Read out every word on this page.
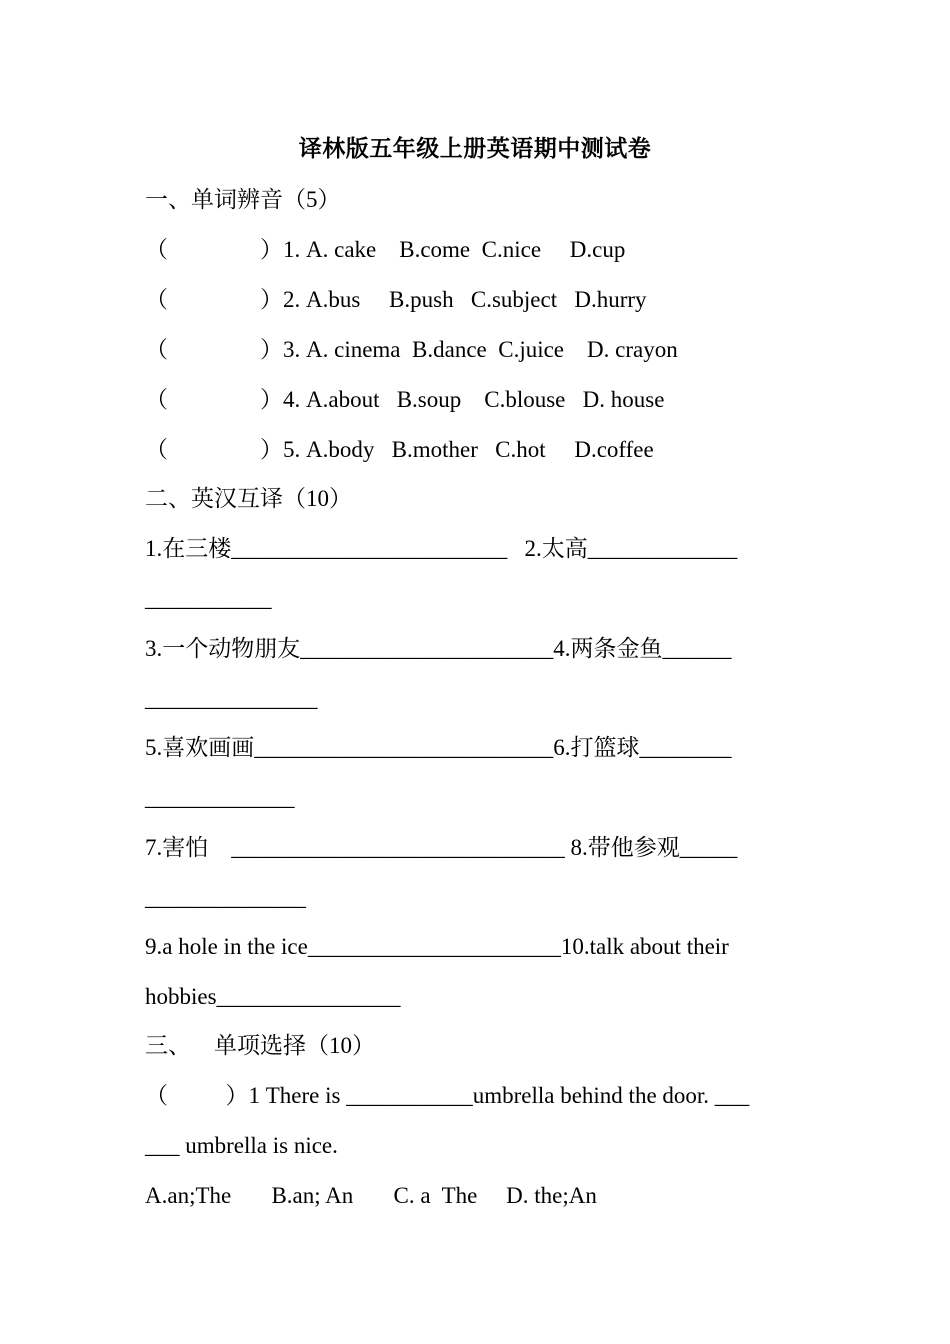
译林版五年级上册英语期中测试卷
一、单词辨音（5）
（                ）1. A. cake    B.come  C.nice     D.cup
（                ）2. A.bus     B.push   C.subject   D.hurry
（                ）3. A. cinema  B.dance  C.juice    D. crayon
（                ）4. A.about   B.soup    C.blouse   D. house
（                ）5. A.body   B.mother   C.hot     D.coffee
二、英汉互译（10）
1.在三楼________________________   2.太高_____________
___________
3.一个动物朋友______________________4.两条金鱼______
_______________
5.喜欢画画__________________________6.打篮球________
_____________
7.害怕    _____________________________ 8.带他参观_____
______________
9.a hole in the ice______________________10.talk about their
hobbies________________
三、    单项选择（10）
（          ）1 There is ___________umbrella behind the door. ___
___ umbrella is nice.
A.an;The       B.an; An       C. a  The     D. the;An
